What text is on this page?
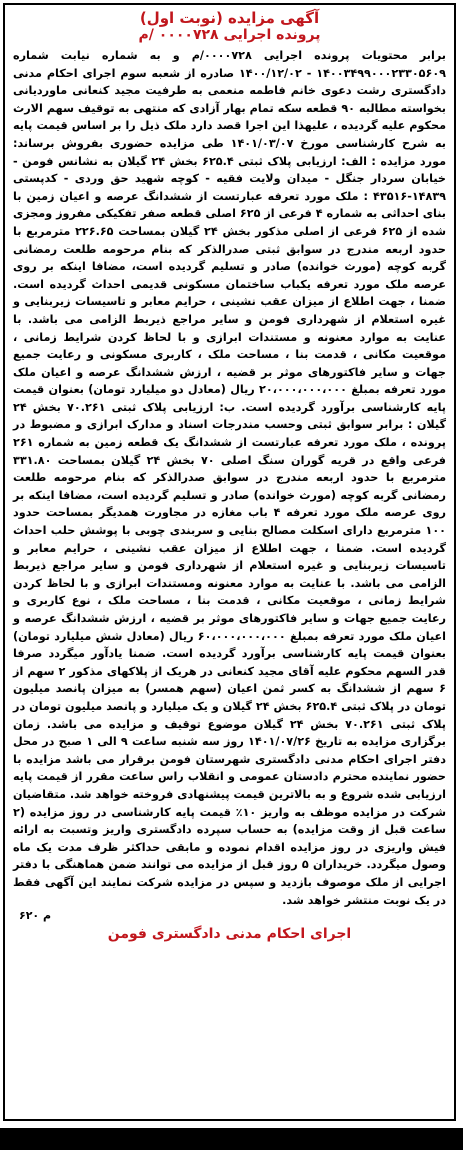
آگهی مزایده (نوبت اول)
پرونده اجرایی ۰۰۰۰۷۲۸ /م

برابر محتویات پرونده اجرایی ۰۰۰۰۷۲۸/م و به شماره نیابت شماره ۱۴۰۰۳۴۹۹۰۰۰۲۳۳۰۵۶۰۹ - ۱۴۰۰/۱۲/۰۲ صادره از شعبه سوم اجرای احکام مدنی دادگستری رشت دعوی خانم فاطمه منعمی به طرفیت مجید کنعانی ماوردیانی بخواسته مطالبه ۹۰ قطعه سکه تمام بهار آزادی که منتهی به توقیف سهم الارث محکوم علیه گردیده ، علیهذا این اجرا قصد دارد ملک ذیل را بر اساس قیمت پایه به شرح کارشناسی مورخ ۱۴۰۱/۰۳/۰۷ طی مزایده حضوری بفروش برساند: مورد مزایده : الف: ارزیابی پلاک ثبتی ۶۲۵.۴ بخش ۲۴ گیلان به نشانس فومن - خیابان سردار جنگل - میدان ولایت فقیه - کوچه شهید حق وردی - کدپستی ۱۴۸۳۹-۴۳۵۱۶ : ملک مورد تعرفه عبارتست از ششدانگ عرصه و اعیان زمین با بنای احداثی به شماره ۴ فرعی از ۶۲۵ اصلی قطعه صفر تفکیکی مفروز ومجزی شده از ۶۲۵ فرعی از اصلی مذکور بخش ۲۴ گیلان بمساحت ۲۲۶.۶۵ مترمربع با حدود اربعه مندرج در سوابق ثبتی صدرالذکر که بنام مرحومه طلعت رمضانی گربه کوچه (مورث خوانده) صادر و تسلیم گردیده است، مضافا اینکه بر روی عرصه ملک مورد تعرفه یکباب ساختمان مسکونی قدیمی احداث گردیده است. ضمنا ، جهت اطلاع از میزان عقب نشینی ، حرایم معابر و تاسیسات زیربنایی و غیره استعلام از شهرداری فومن و سایر مراجع ذیربط الزامی می باشد. با عنایت به موارد معنونه و مستندات ابرازی و با لحاظ کردن شرایط زمانی ، موقعیت مکانی ، قدمت بنا ، مساحت ملک ، کاربری مسکونی و رعایت جمیع جهات و سایر فاکتورهای موثر بر قضیه ، ارزش ششدانگ عرصه و اعیان ملک مورد تعرفه بمبلغ ۲۰،۰۰۰،۰۰۰،۰۰۰ ریال (معادل دو میلیارد تومان) بعنوان قیمت پایه کارشناسی برآورد گردیده است. ب: ارزیابی پلاک ثبتی ۷۰.۲۶۱ بخش ۲۴ گیلان : برابر سوابق ثبتی وحسب مندرجات اسناد و مدارک ابرازی و مضبوط در پرونده ، ملک مورد تعرفه عبارتست از ششدانگ یک قطعه زمین به شماره ۲۶۱ فرعی واقع در قریه گوران سنگ اصلی ۷۰ بخش ۲۴ گیلان بمساحت ۳۳۱.۸۰ مترمربع با حدود اربعه مندرج در سوابق صدرالذکر که بنام مرحومه طلعت رمضانی گربه کوچه (مورث خوانده) صادر و تسلیم گردیده است، مضافا اینکه بر روی عرصه ملک مورد تعرفه ۴ باب مغازه در مجاورت همدیگر بمساحت حدود ۱۰۰ مترمربع دارای اسکلت مصالح بنایی و سربندی چوبی با پوشش حلب احداث گردیده است. ضمنا ، جهت اطلاع از میزان عقب نشینی ، حرایم معابر و تاسیسات زیربنایی و غیره استعلام از شهرداری فومن و سایر مراجع ذیربط الزامی می باشد. با عنایت به موارد معنونه ومستندات ابرازی و با لحاظ کردن شرایط زمانی ، موقعیت مکانی ، قدمت بنا ، مساحت ملک ، نوع کاربری و رعایت جمیع جهات و سایر فاکتورهای موثر بر قضیه ، ارزش ششدانگ عرصه و اعیان ملک مورد تعرفه بمبلغ ۶۰،۰۰۰،۰۰۰،۰۰۰ ریال (معادل شش میلیارد تومان) بعنوان قیمت پایه کارشناسی برآورد گردیده است. ضمنا یادآور میگردد صرفا قدر السهم محکوم علیه آقای مجید کنعانی در هریک از پلاکهای مذکور ۲ سهم از ۶ سهم از ششدانگ به کسر ثمن اعیان (سهم همسر) به میزان پانصد میلیون تومان در پلاک ثبتی ۶۲۵.۴ بخش ۲۴ گیلان و یک میلیارد و پانصد میلیون تومان در پلاک ثبتی ۷۰.۲۶۱ بخش ۲۴ گیلان موضوع توقیف و مزایده می باشد. زمان برگزاری مزایده به تاریخ ۱۴۰۱/۰۷/۲۶ روز سه شنبه ساعت ۹ الی ۱ صبح در محل دفتر اجرای احکام مدنی دادگستری شهرستان فومن برقرار می باشد مزایده با حضور نماینده محترم دادستان عمومی و انقلاب راس ساعت مقرر از قیمت پایه ارزیابی شده شروع و به بالاترین قیمت پیشنهادی فروخته خواهد شد. متقاضیان شرکت در مزایده موظف به واریز ۱۰٪ قیمت پایه کارشناسی در روز مزایده (۲ ساعت قبل از وقت مزایده) به حساب سپرده دادگستری واریز وتسبت به ارائه فیش واریزی در روز مزایده اقدام نموده و مابقی حداکثر ظرف مدت یک ماه وصول میگردد. خریداران ۵ روز قبل از مزایده می توانند ضمن هماهنگی با دفتر اجرایی از ملک موصوف بازدید و سپس در مزایده شرکت نمایند این آگهی فقط در یک نوبت منتشر خواهد شد.

م ۶۲۰
اجرای احکام مدنی دادگستری فومن
